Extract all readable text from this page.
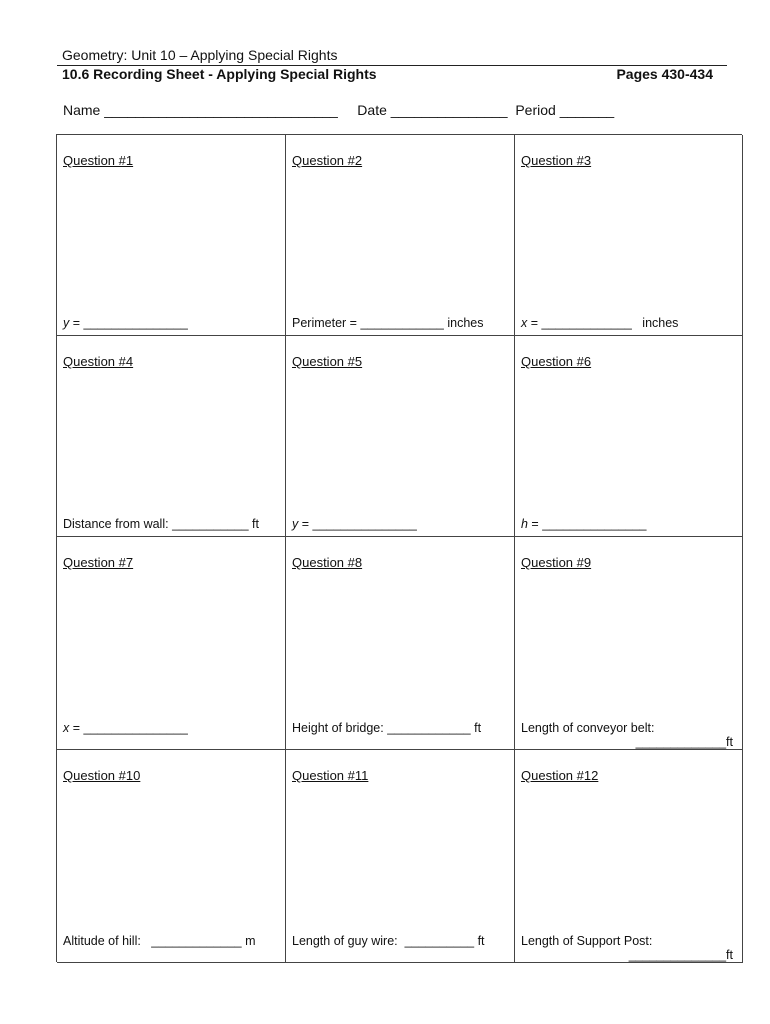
Geometry: Unit 10 – Applying Special Rights
10.6 Recording Sheet - Applying Special Rights	Pages 430-434
Name ______________________________ Date _______________ Period _______
Question #1
y = _______________
Question #2
Perimeter = ____________ inches
Question #3
x = _____________   inches
Question #4
Distance from wall: ___________ ft
Question #5
y = _______________
Question #6
h = _______________
Question #7
x = _______________
Question #8
Height of bridge: ____________ ft
Question #9
Length of conveyor belt:
_____________ft
Question #10
Altitude of hill:   _____________ m
Question #11
Length of guy wire:  __________ ft
Question #12
Length of Support Post:
______________ft
